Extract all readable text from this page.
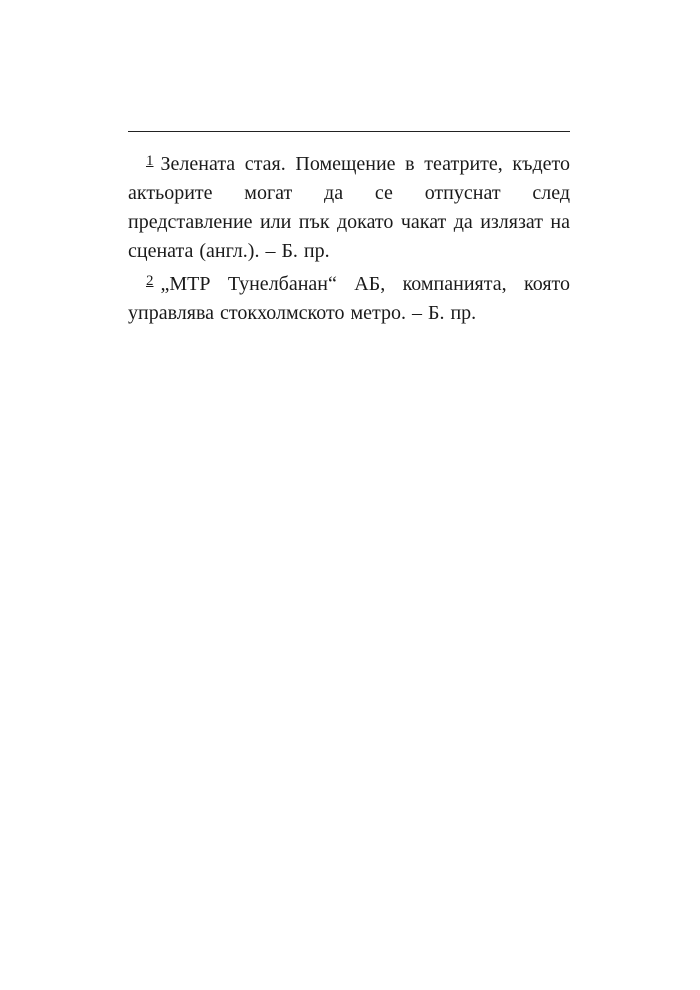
$^1$ Зелената стая. Помещение в театрите, където актьорите могат да се отпуснат след представление или пък докато чакат да излязат на сцената (англ.). – Б. пр.

$^2$ „МТР Тунелбанан“ АБ, компанията, която управлява стокхолмското метро. – Б. пр.
